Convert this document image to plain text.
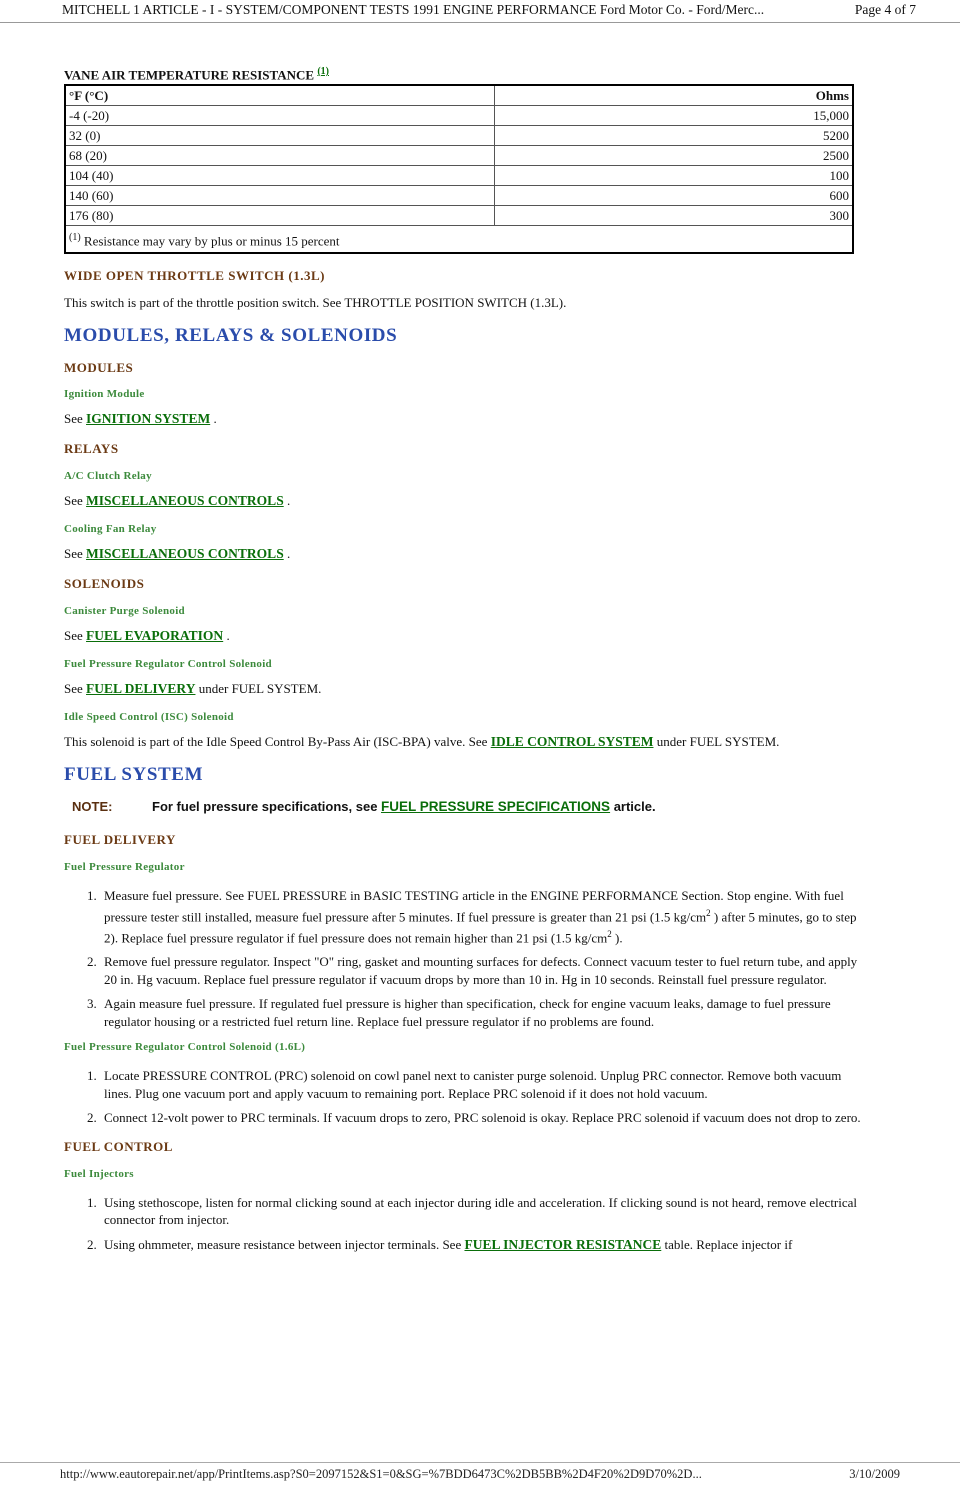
MITCHELL 1 ARTICLE - I - SYSTEM/COMPONENT TESTS 1991 ENGINE PERFORMANCE Ford Motor Co. - Ford/Merc...	Page 4 of 7
VANE AIR TEMPERATURE RESISTANCE $^{(1)}$
°F (°C)	Ohms
-4 (-20)	15,000
32 (0)	5200
68 (20)	2500
104 (40)	100
140 (60)	600
176 (80)	300
$^{(1)}$ Resistance may vary by plus or minus 15 percent	
WIDE OPEN THROTTLE SWITCH (1.3L)

This switch is part of the throttle position switch. See THROTTLE POSITION SWITCH (1.3L).

MODULES, RELAYS & SOLENOIDS
MODULES
Ignition Module

See IGNITION SYSTEM .

RELAYS
A/C Clutch Relay

See MISCELLANEOUS CONTROLS .

Cooling Fan Relay

See MISCELLANEOUS CONTROLS .

SOLENOIDS
Canister Purge Solenoid

See FUEL EVAPORATION .

Fuel Pressure Regulator Control Solenoid

See FUEL DELIVERY under FUEL SYSTEM.

Idle Speed Control (ISC) Solenoid

This solenoid is part of the Idle Speed Control By-Pass Air (ISC-BPA) valve. See IDLE CONTROL SYSTEM under FUEL SYSTEM.

FUEL SYSTEM
NOTE:	For fuel pressure specifications, see FUEL PRESSURE SPECIFICATIONS article.
FUEL DELIVERY
Fuel Pressure Regulator
1. Measure fuel pressure. See FUEL PRESSURE in BASIC TESTING article in the ENGINE PERFORMANCE Section. Stop engine. With fuel pressure tester still installed, measure fuel pressure after 5 minutes. If fuel pressure is greater than 21 psi (1.5 $kg/cm^2$ ) after 5 minutes, go to step 2). Replace fuel pressure regulator if fuel pressure does not remain higher than 21 psi (1.5 $kg/cm^2$ ).
2. Remove fuel pressure regulator. Inspect "O" ring, gasket and mounting surfaces for defects. Connect vacuum tester to fuel return tube, and apply 20 in. Hg vacuum. Replace fuel pressure regulator if vacuum drops by more than 10 in. Hg in 10 seconds. Reinstall fuel pressure regulator.
3. Again measure fuel pressure. If regulated fuel pressure is higher than specification, check for engine vacuum leaks, damage to fuel pressure regulator housing or a restricted fuel return line. Replace fuel pressure regulator if no problems are found.
Fuel Pressure Regulator Control Solenoid (1.6L)
1. Locate PRESSURE CONTROL (PRC) solenoid on cowl panel next to canister purge solenoid. Unplug PRC connector. Remove both vacuum lines. Plug one vacuum port and apply vacuum to remaining port. Replace PRC solenoid if it does not hold vacuum.
2. Connect 12-volt power to PRC terminals. If vacuum drops to zero, PRC solenoid is okay. Replace PRC solenoid if vacuum does not drop to zero.
FUEL CONTROL
Fuel Injectors
1. Using stethoscope, listen for normal clicking sound at each injector during idle and acceleration. If clicking sound is not heard, remove electrical connector from injector.
2. Using ohmmeter, measure resistance between injector terminals. See FUEL INJECTOR RESISTANCE table. Replace injector if
http://www.eautorepair.net/app/PrintItems.asp?S0=2097152&S1=0&SG=%7BDD6473C%2DB5BB%2D4F20%2D9D70%2D...	3/10/2009
